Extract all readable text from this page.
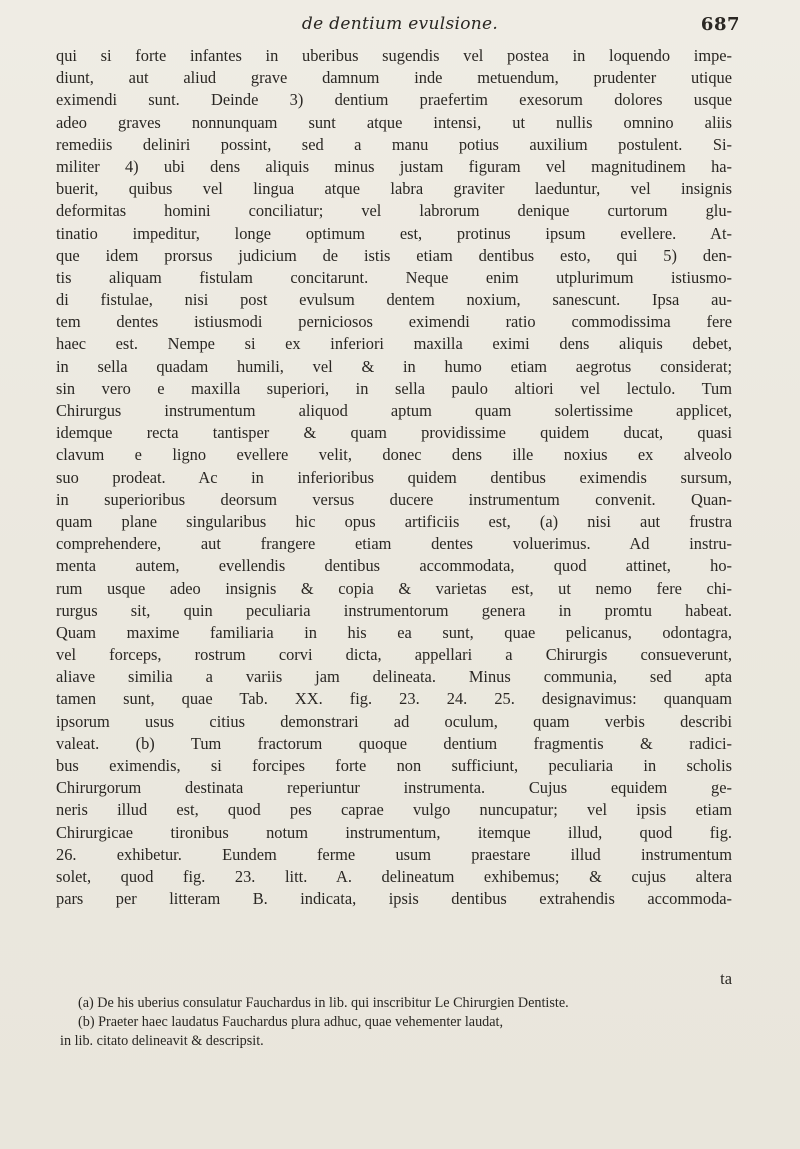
de dentium evulsione.	687
qui si forte infantes in uberibus sugendis vel postea in loquendo impe-
diunt, aut aliud grave damnum inde metuendum, prudenter utique
eximendi sunt. Deinde 3) dentium praefertim exesorum dolores usque
adeo graves nonnunquam sunt atque intensi, ut nullis omnino aliis
remediis deliniri possint, sed a manu potius auxilium postulent. Si-
militer 4) ubi dens aliquis minus justam figuram vel magnitudinem ha-
buerit, quibus vel lingua atque labra graviter laeduntur, vel insignis
deformitas homini conciliatur; vel labrorum denique curtorum glu-
tinatio impeditur, longe optimum est, protinus ipsum evellere. At-
que idem prorsus judicium de istis etiam dentibus esto, qui 5) den-
tis aliquam fistulam concitarunt. Neque enim utplurimum istiusmo-
di fistulae, nisi post evulsum dentem noxium, sanescunt. Ipsa au-
tem dentes istiusmodi perniciosos eximendi ratio commodissima fere
haec est. Nempe si ex inferiori maxilla eximi dens aliquis debet,
in sella quadam humili, vel & in humo etiam aegrotus considerat;
sin vero e maxilla superiori, in sella paulo altiori vel lectulo. Tum
Chirurgus instrumentum aliquod aptum quam solertissime applicet,
idemque recta tantisper & quam providissime quidem ducat, quasi
clavum e ligno evellere velit, donec dens ille noxius ex alveolo
suo prodeat. Ac in inferioribus quidem dentibus eximendis sursum,
in superioribus deorsum versus ducere instrumentum convenit. Quan-
quam plane singularibus hic opus artificiis est, (a) nisi aut frustra
comprehendere, aut frangere etiam dentes voluerimus. Ad instru-
menta autem, evellendis dentibus accommodata, quod attinet, ho-
rum usque adeo insignis & copia & varietas est, ut nemo fere chi-
rurgus sit, quin peculiaria instrumentorum genera in promtu habeat.
Quam maxime familiaria in his ea sunt, quae pelicanus, odontagra,
vel forceps, rostrum corvi dicta, appellari a Chirurgis consueverunt,
aliave similia a variis jam delineata. Minus communia, sed apta
tamen sunt, quae Tab. XX. fig. 23. 24. 25. designavimus: quanquam
ipsorum usus citius demonstrari ad oculum, quam verbis describi
valeat. (b) Tum fractorum quoque dentium fragmentis & radici-
bus eximendis, si forcipes forte non sufficiunt, peculiaria in scholis
Chirurgorum destinata reperiuntur instrumenta. Cujus equidem ge-
neris illud est, quod pes caprae vulgo nuncupatur; vel ipsis etiam
Chirurgicae tironibus notum instrumentum, itemque illud, quod fig.
26. exhibetur. Eundem ferme usum praestare illud instrumentum
solet, quod fig. 23. litt. A. delineatum exhibemus; & cujus altera
pars per litteram B. indicata, ipsis dentibus extrahendis accommoda-
ta
(a) De his uberius consulatur Fauchardus in lib. qui inscribitur Le Chirurgien Dentiste.
(b) Praeter haec laudatus Fauchardus plura adhuc, quae vehementer laudat,
in lib. citato delineavit & descripsit.
